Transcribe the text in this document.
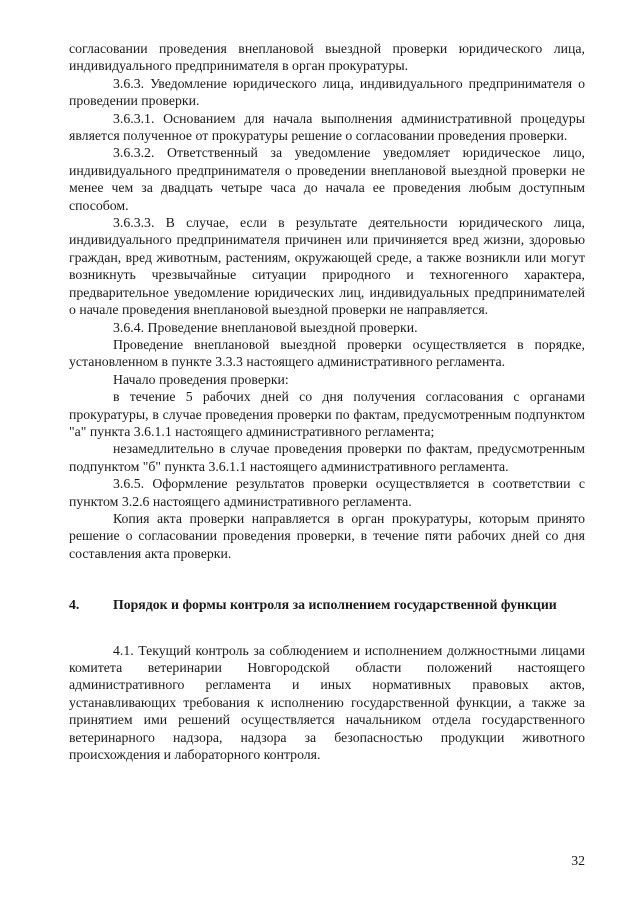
согласовании проведения внеплановой выездной проверки юридического лица, индивидуального предпринимателя в орган прокуратуры.

3.6.3. Уведомление юридического лица, индивидуального предпринимателя о проведении проверки.

3.6.3.1. Основанием для начала выполнения административной процедуры является полученное от прокуратуры решение о согласовании проведения проверки.

3.6.3.2. Ответственный за уведомление уведомляет юридическое лицо, индивидуального предпринимателя о проведении внеплановой выездной проверки не менее чем за двадцать четыре часа до начала ее проведения любым доступным способом.

3.6.3.3. В случае, если в результате деятельности юридического лица, индивидуального предпринимателя причинен или причиняется вред жизни, здоровью граждан, вред животным, растениям, окружающей среде, а также возникли или могут возникнуть чрезвычайные ситуации природного и техногенного характера, предварительное уведомление юридических лиц, индивидуальных предпринимателей о начале проведения внеплановой выездной проверки не направляется.

3.6.4. Проведение внеплановой выездной проверки.

Проведение внеплановой выездной проверки осуществляется в порядке, установленном в пункте 3.3.3 настоящего административного регламента.

Начало проведения проверки:

в течение 5 рабочих дней со дня получения согласования с органами прокуратуры, в случае проведения проверки по фактам, предусмотренным подпунктом "а" пункта 3.6.1.1 настоящего административного регламента;

незамедлительно в случае проведения проверки по фактам, предусмотренным подпунктом "б" пункта 3.6.1.1 настоящего административного регламента.

3.6.5. Оформление результатов проверки осуществляется в соответствии с пунктом 3.2.6 настоящего административного регламента.

Копия акта проверки направляется в орган прокуратуры, которым принято решение о согласовании проведения проверки, в течение пяти рабочих дней со дня составления акта проверки.

4. Порядок и формы контроля за исполнением государственной функции

4.1. Текущий контроль за соблюдением и исполнением должностными лицами комитета ветеринарии Новгородской области положений настоящего административного регламента и иных нормативных правовых актов, устанавливающих требования к исполнению государственной функции, а также за принятием ими решений осуществляется начальником отдела государственного ветеринарного надзора, надзора за безопасностью продукции животного происхождения и лабораторного контроля.

32
